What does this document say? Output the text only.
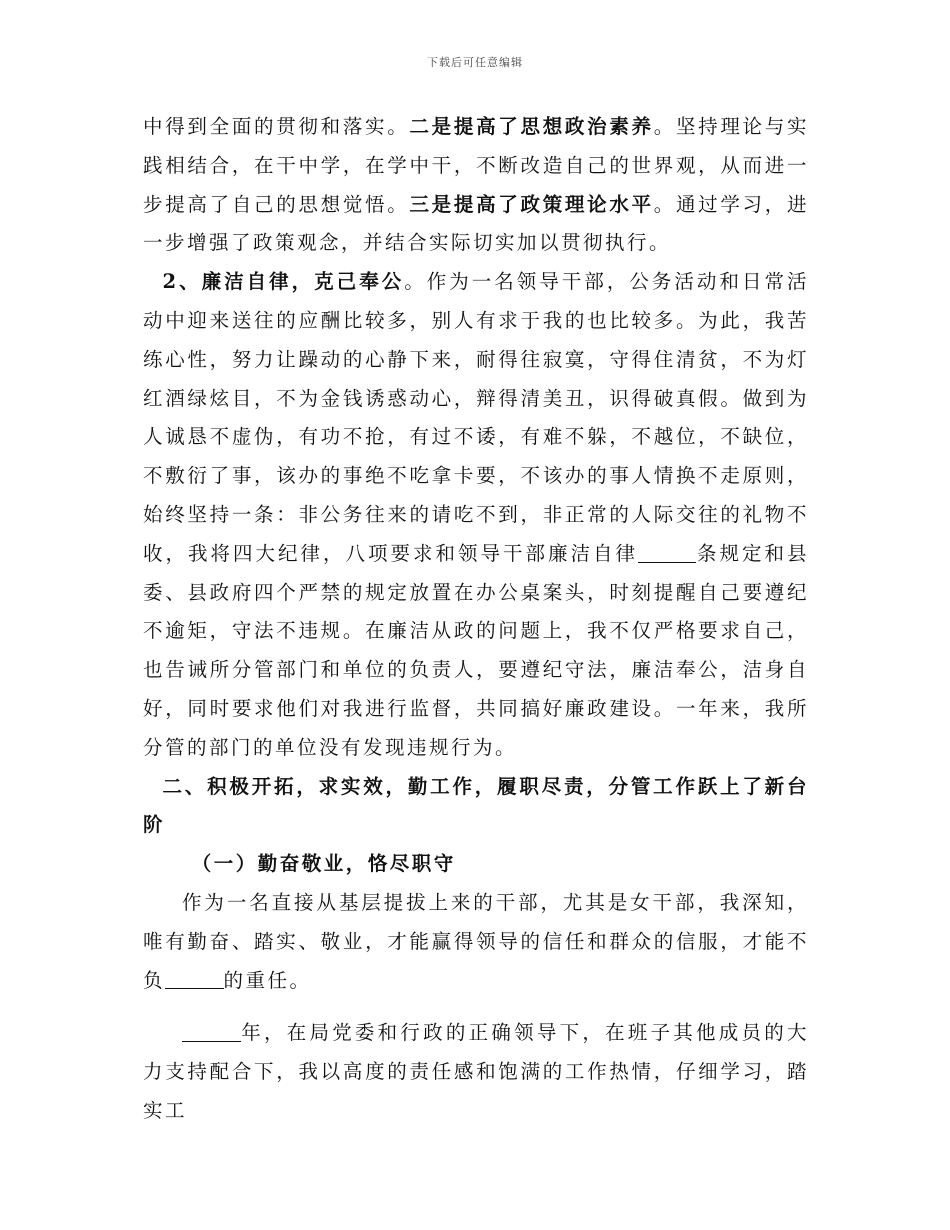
下载后可任意编辑

中得到全面的贯彻和落实。二是提高了思想政治素养。坚持理论与实践相结合，在干中学，在学中干，不断改造自己的世界观，从而进一步提高了自己的思想觉悟。三是提高了政策理论水平。通过学习，进一步增强了政策观念，并结合实际切实加以贯彻执行。

2、廉洁自律，克己奉公。作为一名领导干部，公务活动和日常活动中迎来送往的应酬比较多，别人有求于我的也比较多。为此，我苦练心性，努力让躁动的心静下来，耐得往寂寞，守得住清贫，不为灯红酒绿炫目，不为金钱诱惑动心，辩得清美丑，识得破真假。做到为人诚恳不虚伪，有功不抢，有过不诿，有难不躲，不越位，不缺位，不敷衍了事，该办的事绝不吃拿卡要，不该办的事人情换不走原则，始终坚持一条：非公务往来的请吃不到，非正常的人际交往的礼物不收，我将四大纪律，八项要求和领导干部廉洁自律	条规定和县委、县政府四个严禁的规定放置在办公桌案头，时刻提醒自己要遵纪不逾矩，守法不违规。在廉洁从政的问题上，我不仅严格要求自己，也告诫所分管部门和单位的负责人，要遵纪守法，廉洁奉公，洁身自好，同时要求他们对我进行监督，共同搞好廉政建设。一年来，我所分管的部门的单位没有发现违规行为。

二、积极开拓，求实效，勤工作，履职尽责，分管工作跃上了新台阶

（一）勤奋敬业，恪尽职守

作为一名直接从基层提拔上来的干部，尤其是女干部，我深知，唯有勤奋、踏实、敬业，才能赢得领导的信任和群众的信服，才能不负	的重任。

年，在局党委和行政的正确领导下，在班子其他成员的大力支持配合下，我以高度的责任感和饱满的工作热情，仔细学习，踏实工
